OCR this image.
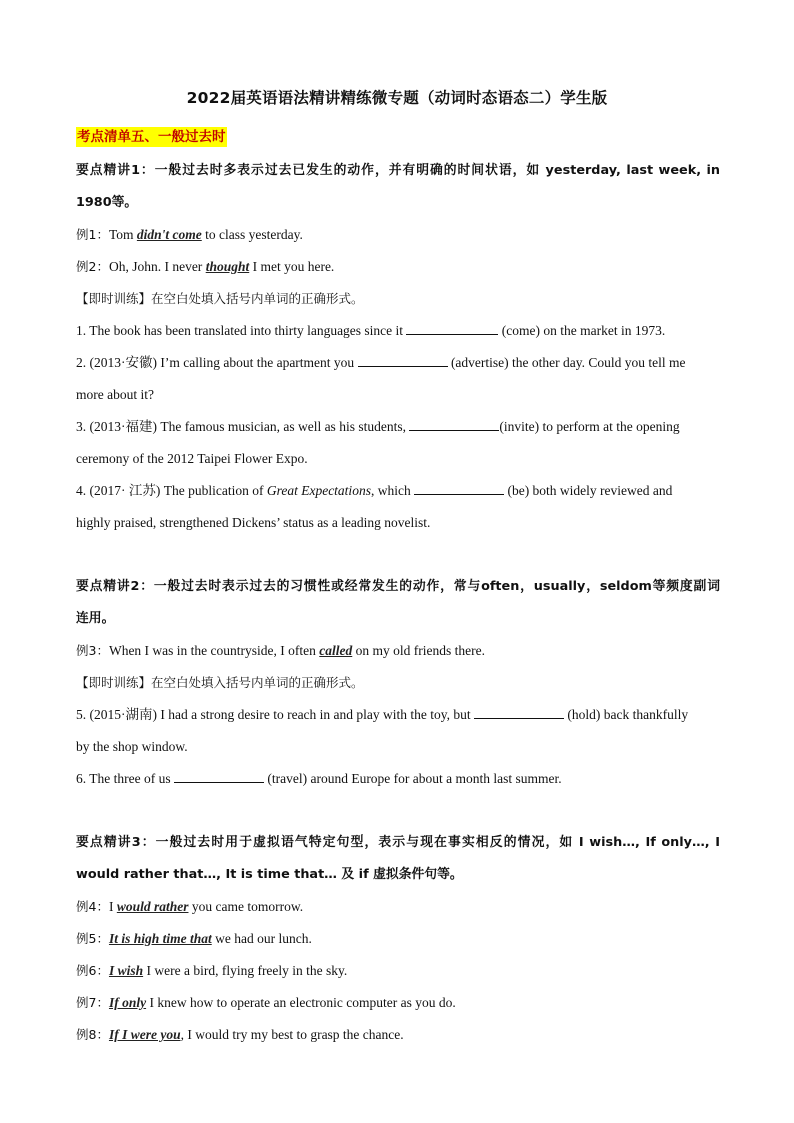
2022届英语语法精讲精练微专题（动词时态语态二）学生版
考点清单五、一般过去时
要点精讲1：一般过去时多表示过去已发生的动作，并有明确的时间状语，如 yesterday, last week, in
1980等。
例1：Tom didn't come to class yesterday.
例2：Oh, John. I never thought I met you here.
【即时训练】在空白处填入括号内单词的正确形式。
1. The book has been translated into thirty languages since it	(come) on the market in 1973.
2. (2013·安徽) I’m calling about the apartment you	(advertise) the other day. Could you tell me
more about it?
3. (2013·福建) The famous musician, as well as his students,	(invite) to perform at the opening
ceremony of the 2012 Taipei Flower Expo.
4. (2017· 江苏) The publication of Great Expectations, which	(be) both widely reviewed and
highly praised, strengthened Dickens’ status as a leading novelist.
要点精讲2：一般过去时表示过去的习惯性或经常发生的动作，常与often，usually，seldom等频度副词
连用。
例3：When I was in the countryside, I often called on my old friends there.
【即时训练】在空白处填入括号内单词的正确形式。
5. (2015·湖南) I had a strong desire to reach in and play with the toy, but	(hold) back thankfully
by the shop window.
6. The three of us	(travel) around Europe for about a month last summer.
要点精讲3：一般过去时用于虚拟语气特定句型，表示与现在事实相反的情况，如 I wish…, If only…, I
would rather that…, It is time that… 及 if 虚拟条件句等。
例4：I would rather you came tomorrow.
例5：It is high time that we had our lunch.
例6：I wish I were a bird, flying freely in the sky.
例7：If only I knew how to operate an electronic computer as you do.
例8：If I were you, I would try my best to grasp the chance.
